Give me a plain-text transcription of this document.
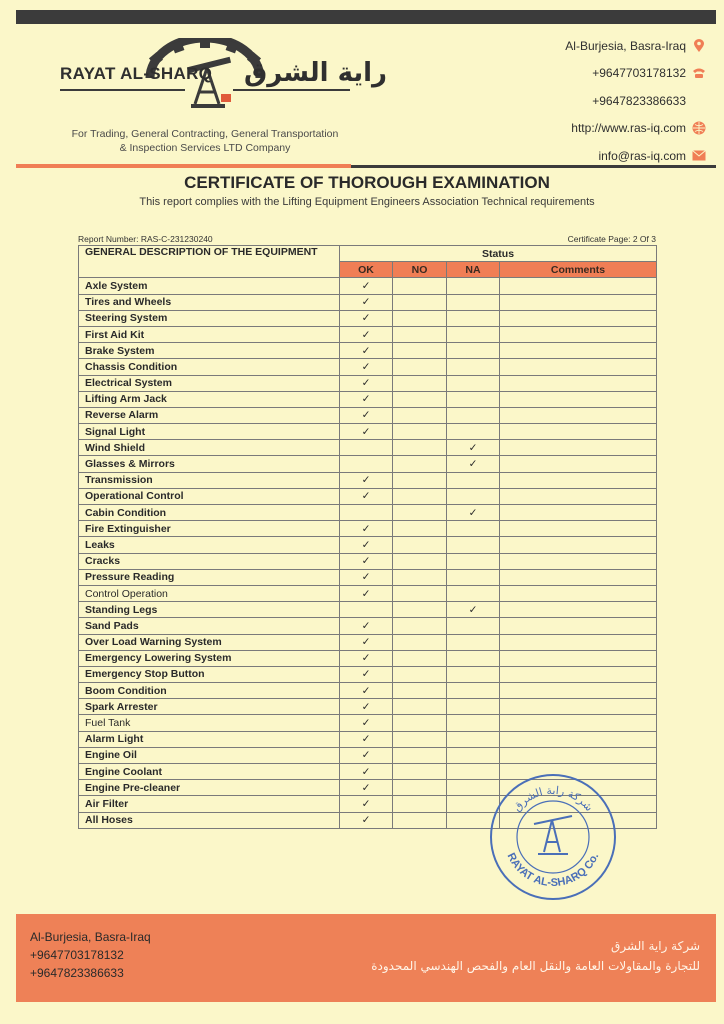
RAYAT AL-SHARQ راية الشرق
For Trading, General Contracting, General Transportation
& Inspection Services LTD Company
Al-Burjesia, Basra-Iraq
+9647703178132
+9647823386633
http://www.ras-iq.com
info@ras-iq.com
CERTIFICATE OF THOROUGH EXAMINATION
This report complies with the Lifting Equipment Engineers Association Technical requirements
Report Number: RAS-C-231230240	Certificate Page: 2 Of 3
GENERAL DESCRIPTION OF THE EQUIPMENT	Status			
	OK	NO	NA	Comments
Axle System	✓			
Tires and Wheels	✓			
Steering System	✓			
First Aid Kit	✓			
Brake System	✓			
Chassis Condition	✓			
Electrical System	✓			
Lifting Arm Jack	✓			
Reverse Alarm	✓			
Signal Light	✓			
Wind Shield			✓	
Glasses & Mirrors			✓	
Transmission	✓			
Operational Control	✓			
Cabin Condition			✓	
Fire Extinguisher	✓			
Leaks	✓			
Cracks	✓			
Pressure Reading	✓			
Control Operation	✓			
Standing Legs			✓	
Sand Pads	✓			
Over Load Warning System	✓			
Emergency Lowering System	✓			
Emergency Stop Button	✓			
Boom Condition	✓			
Spark Arrester	✓			
Fuel Tank	✓			
Alarm Light	✓			
Engine Oil	✓			
Engine Coolant	✓			
Engine Pre-cleaner	✓			
Air Filter	✓			
All Hoses	✓			
شركة راية الشرق
RAYAT AL-SHARQ Co.
Al-Burjesia, Basra-Iraq
+9647703178132
+9647823386633
شركة راية الشرق
للتجارة والمقاولات العامة والنقل العام والفحص الهندسي المحدودة
